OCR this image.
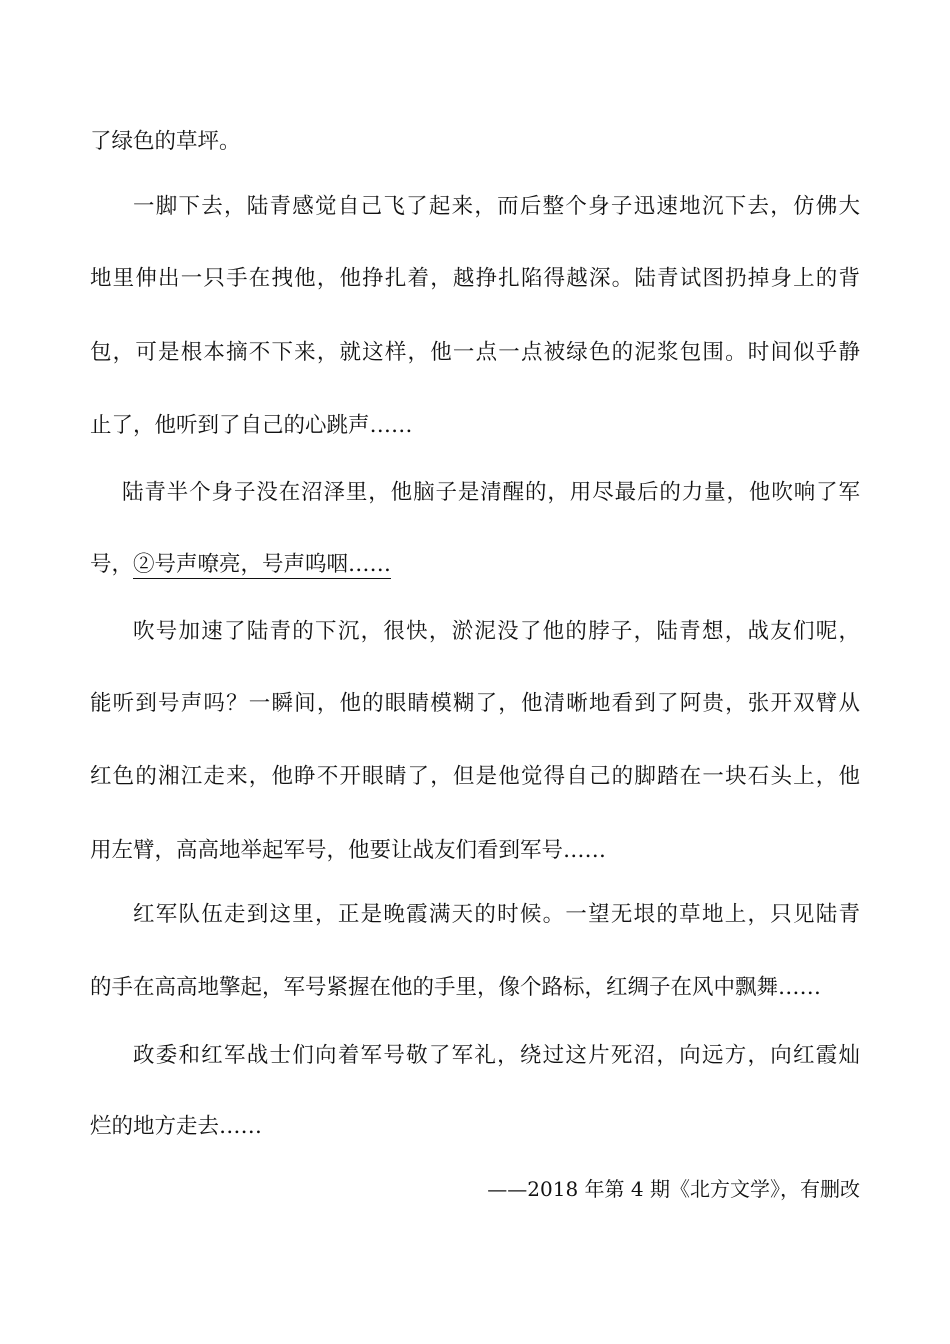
了绿色的草坪。
一脚下去，陆青感觉自己飞了起来，而后整个身子迅速地沉下去，仿佛大
地里伸出一只手在拽他，他挣扎着，越挣扎陷得越深。陆青试图扔掉身上的背
包，可是根本摘不下来，就这样，他一点一点被绿色的泥浆包围。时间似乎静
止了，他听到了自己的心跳声……
陆青半个身子没在沼泽里，他脑子是清醒的，用尽最后的力量，他吹响了军
号，②号声嘹亮，号声呜咽……
吹号加速了陆青的下沉，很快，淤泥没了他的脖子，陆青想，战友们呢，
能听到号声吗？一瞬间，他的眼睛模糊了，他清晰地看到了阿贵，张开双臂从
红色的湘江走来，他睁不开眼睛了，但是他觉得自己的脚踏在一块石头上，他
用左臂，高高地举起军号，他要让战友们看到军号……
红军队伍走到这里，正是晚霞满天的时候。一望无垠的草地上，只见陆青
的手在高高地擎起，军号紧握在他的手里，像个路标，红绸子在风中飘舞……
政委和红军战士们向着军号敬了军礼，绕过这片死沼，向远方，向红霞灿
烂的地方走去……
——2018 年第 4 期《北方文学》，有删改
